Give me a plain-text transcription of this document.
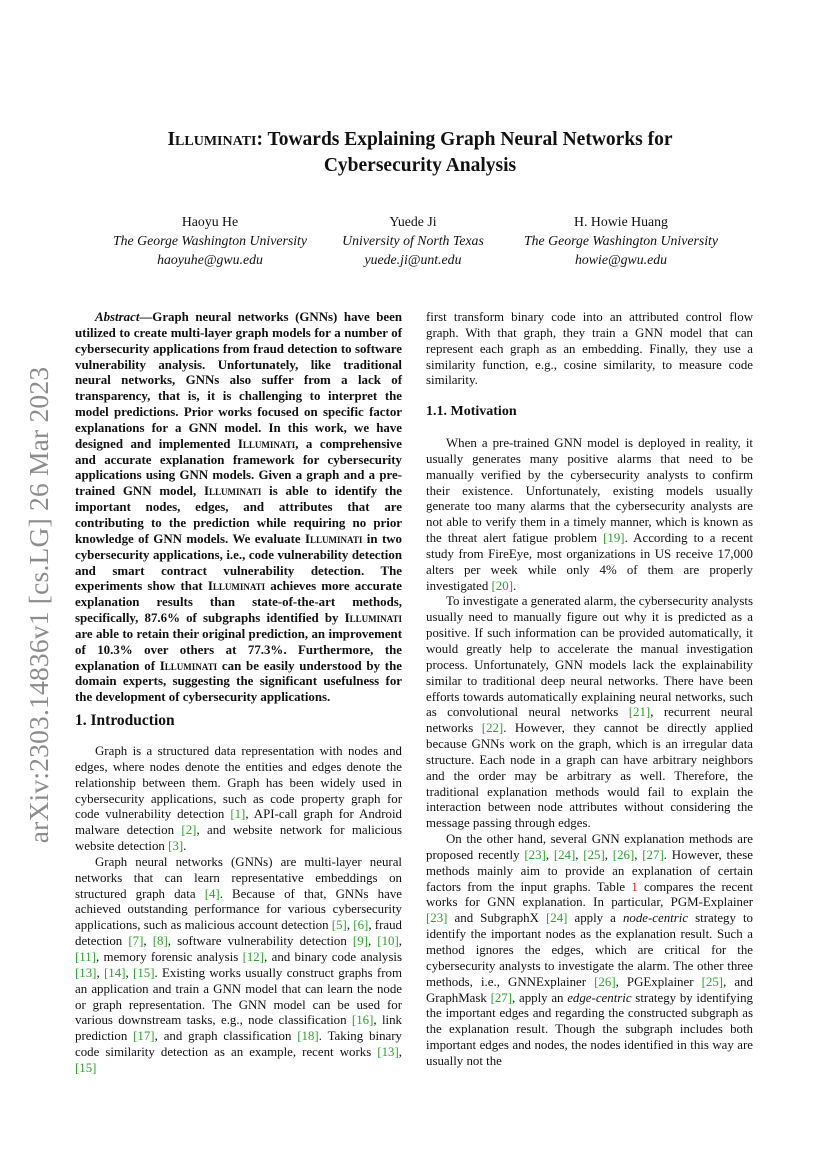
arXiv:2303.14836v1 [cs.LG] 26 Mar 2023
Illuminati: Towards Explaining Graph Neural Networks for
Cybersecurity Analysis
Haoyu He
The George Washington University
haoyuhe@gwu.edu
Yuede Ji
University of North Texas
yuede.ji@unt.edu
H. Howie Huang
The George Washington University
howie@gwu.edu

Abstract—Graph neural networks (GNNs) have been utilized to create multi-layer graph models for a number of cybersecurity applications from fraud detection to software vulnerability analysis. Unfortunately, like traditional neural networks, GNNs also suffer from a lack of transparency, that is, it is challenging to interpret the model predictions. Prior works focused on specific factor explanations for a GNN model. In this work, we have designed and implemented Illuminati, a comprehensive and accurate explanation framework for cybersecurity applications using GNN models. Given a graph and a pre-trained GNN model, Illuminati is able to identify the important nodes, edges, and attributes that are contributing to the prediction while requiring no prior knowledge of GNN models. We evaluate Illuminati in two cybersecurity applications, i.e., code vulnerability detection and smart contract vulnerability detection. The experiments show that Illuminati achieves more accurate explanation results than state-of-the-art methods, specifically, 87.6% of subgraphs identified by Illuminati are able to retain their original prediction, an improvement of 10.3% over others at 77.3%. Furthermore, the explanation of Illuminati can be easily understood by the domain experts, suggesting the significant usefulness for the development of cybersecurity applications.

1. Introduction

Graph is a structured data representation with nodes and edges, where nodes denote the entities and edges denote the relationship between them. Graph has been widely used in cybersecurity applications, such as code property graph for code vulnerability detection [1], API-call graph for Android malware detection [2], and website network for malicious website detection [3].

Graph neural networks (GNNs) are multi-layer neural networks that can learn representative embeddings on structured graph data [4]. Because of that, GNNs have achieved outstanding performance for various cybersecurity applications, such as malicious account detection [5], [6], fraud detection [7], [8], software vulnerability detection [9], [10], [11], memory forensic analysis [12], and binary code analysis [13], [14], [15]. Existing works usually construct graphs from an application and train a GNN model that can learn the node or graph representation. The GNN model can be used for various downstream tasks, e.g., node classification [16], link prediction [17], and graph classification [18]. Taking binary code similarity detection as an example, recent works [13], [15]

first transform binary code into an attributed control flow graph. With that graph, they train a GNN model that can represent each graph as an embedding. Finally, they use a similarity function, e.g., cosine similarity, to measure code similarity.

1.1. Motivation

When a pre-trained GNN model is deployed in reality, it usually generates many positive alarms that need to be manually verified by the cybersecurity analysts to confirm their existence. Unfortunately, existing models usually generate too many alarms that the cybersecurity analysts are not able to verify them in a timely manner, which is known as the threat alert fatigue problem [19]. According to a recent study from FireEye, most organizations in US receive 17,000 alters per week while only 4% of them are properly investigated [20].

To investigate a generated alarm, the cybersecurity analysts usually need to manually figure out why it is predicted as a positive. If such information can be provided automatically, it would greatly help to accelerate the manual investigation process. Unfortunately, GNN models lack the explainability similar to traditional deep neural networks. There have been efforts towards automatically explaining neural networks, such as convolutional neural networks [21], recurrent neural networks [22]. However, they cannot be directly applied because GNNs work on the graph, which is an irregular data structure. Each node in a graph can have arbitrary neighbors and the order may be arbitrary as well. Therefore, the traditional explanation methods would fail to explain the interaction between node attributes without considering the message passing through edges.

On the other hand, several GNN explanation methods are proposed recently [23], [24], [25], [26], [27]. However, these methods mainly aim to provide an explanation of certain factors from the input graphs. Table 1 compares the recent works for GNN explanation. In particular, PGM-Explainer [23] and SubgraphX [24] apply a node-centric strategy to identify the important nodes as the explanation result. Such a method ignores the edges, which are critical for the cybersecurity analysts to investigate the alarm. The other three methods, i.e., GNNExplainer [26], PGExplainer [25], and GraphMask [27], apply an edge-centric strategy by identifying the important edges and regarding the constructed subgraph as the explanation result. Though the subgraph includes both important edges and nodes, the nodes identified in this way are usually not the
